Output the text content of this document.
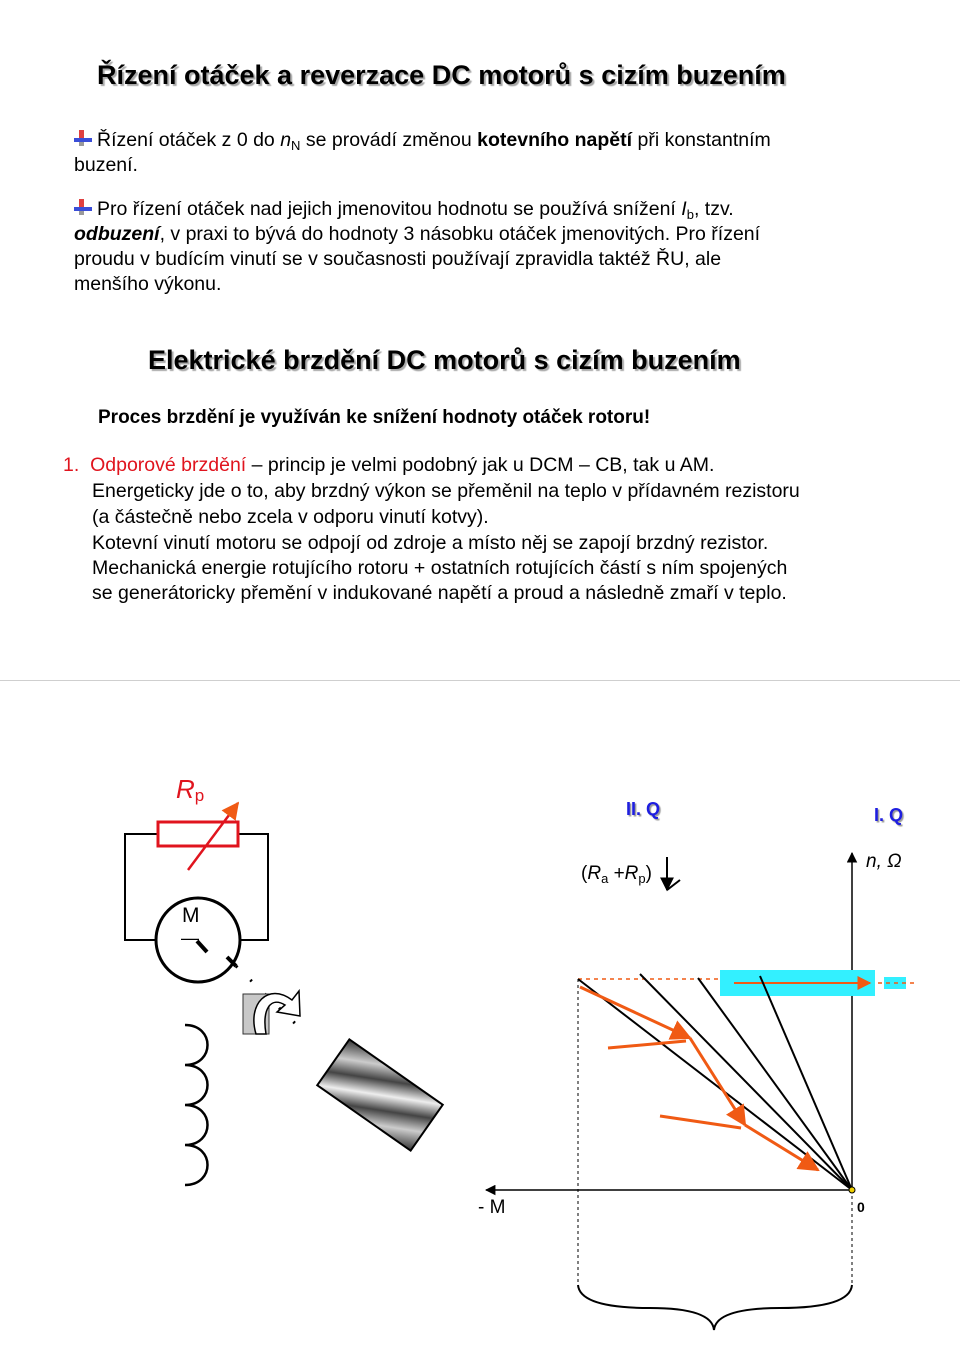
Řízení otáček a reverzace DC motorů s cizím buzením
Řízení otáček z 0 do $n_N$ se provádí změnou kotevního napětí při konstantním
buzení.
Pro řízení otáček nad jejich jmenovitou hodnotu se používá snížení $I_b$, tzv.
odbuzení, v praxi to bývá do hodnoty 3 násobku otáček jmenovitých. Pro řízení
proudu v budícím vinutí se v současnosti používají zpravidla taktéž ŘU, ale
menšího výkonu.
Elektrické brzdění DC motorů s cizím buzením
Proces brzdění je využíván ke snížení hodnoty otáček rotoru!
1. Odporové brzdění – princip je velmi podobný jak u DCM – CB, tak u AM.
Energeticky jde o to, aby brzdný výkon se přeměnil na teplo v přídavném rezistoru
(a částečně nebo zcela v odporu vinutí kotvy).
Kotevní vinutí motoru se odpojí od zdroje a místo něj se zapojí brzdný rezistor.
Mechanická energie rotujícího rotoru + ostatních rotujících částí s ním spojených
se generátoricky přemění v indukované napětí a proud a následně zmaří v teplo.
Rp
M
—
II. Q	I. Q
$(R_a +R_p)$
n, Ω
- M	0
